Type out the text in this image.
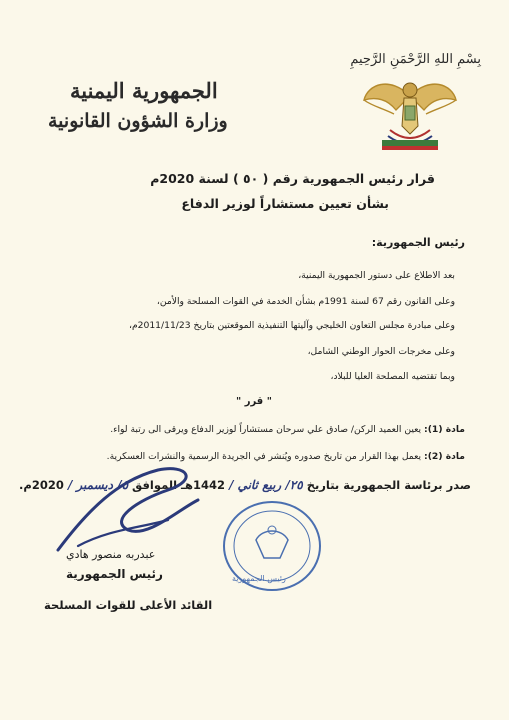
بِسْمِ اللهِ الرَّحْمَنِ الرَّحِيمِ
الجمهورية اليمنية
وزارة الشؤون القانونية
قرار رئيس الجمهورية رقم ( ٥٠ ) لسنة 2020م
بشأن تعيين مستشاراً لوزير الدفاع
رئيس الجمهورية:
بعد الاطلاع على دستور الجمهورية اليمنية،
وعلى القانون رقم 67 لسنة 1991م بشأن الخدمة في القوات المسلحة والأمن،
وعلى مبادرة مجلس التعاون الخليجي وآليتها التنفيذية الموقعتين بتاريخ 2011/11/23م،
وعلى مخرجات الحوار الوطني الشامل،
وبما تقتضيه المصلحة العليا للبلاد،
" قرر "
مادة (1): يعين العميد الركن/ صادق علي سرحان مستشاراً لوزير الدفاع ويرقى الى رتبة لواء.
مادة (2): يعمل بهذا القرار من تاريخ صدوره ويُنشر في الجريدة الرسمية والنشرات العسكرية.
صدر برئاسة الجمهورية بتاريخ ٢٥/ ربيع ثاني / 1442هـ الموافق ٥/ ديسمبر / 2020م.
عبدربه منصور هادي
رئيس الجمهورية
القائد الأعلى للقوات المسلحة
رئيس الجمهورية
